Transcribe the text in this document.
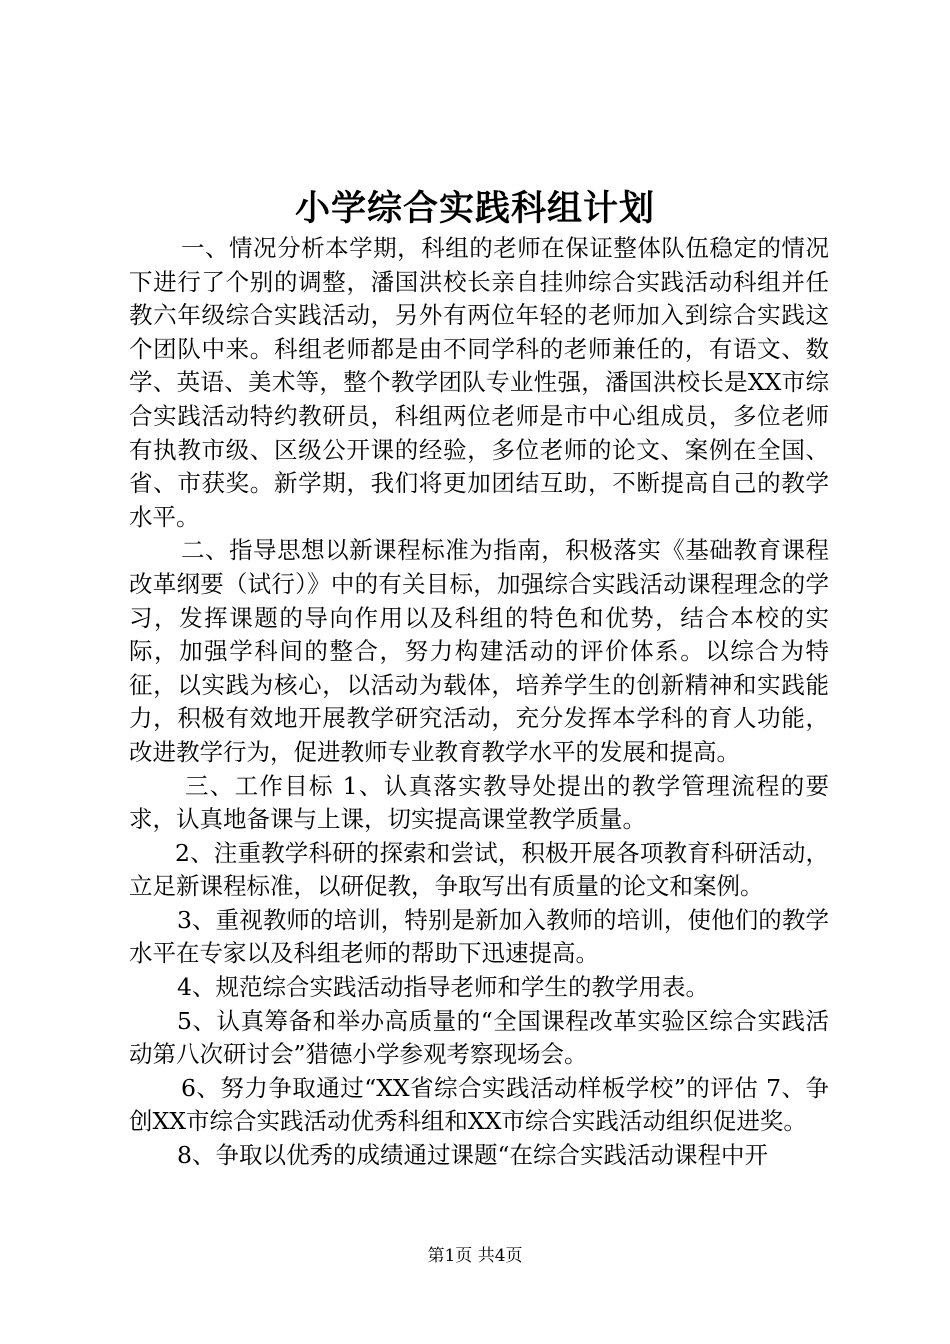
小学综合实践科组计划

一、情况分析本学期，科组的老师在保证整体队伍稳定的情况下进行了个别的调整，潘国洪校长亲自挂帅综合实践活动科组并任教六年级综合实践活动，另外有两位年轻的老师加入到综合实践这个团队中来。科组老师都是由不同学科的老师兼任的，有语文、数学、英语、美术等，整个教学团队专业性强，潘国洪校长是XX市综合实践活动特约教研员，科组两位老师是市中心组成员，多位老师有执教市级、区级公开课的经验，多位老师的论文、案例在全国、省、市获奖。新学期，我们将更加团结互助，不断提高自己的教学水平。

二、指导思想以新课程标准为指南，积极落实《基础教育课程改革纲要（试行）》中的有关目标，加强综合实践活动课程理念的学习，发挥课题的导向作用以及科组的特色和优势，结合本校的实际，加强学科间的整合，努力构建活动的评价体系。以综合为特征，以实践为核心，以活动为载体，培养学生的创新精神和实践能力，积极有效地开展教学研究活动，充分发挥本学科的育人功能，改进教学行为，促进教师专业教育教学水平的发展和提高。

三、工作目标 1、认真落实教导处提出的教学管理流程的要求，认真地备课与上课，切实提高课堂教学质量。

2、注重教学科研的探索和尝试，积极开展各项教育科研活动，立足新课程标准，以研促教，争取写出有质量的论文和案例。

3、重视教师的培训，特别是新加入教师的培训，使他们的教学水平在专家以及科组老师的帮助下迅速提高。

4、规范综合实践活动指导老师和学生的教学用表。

5、认真筹备和举办高质量的“全国课程改革实验区综合实践活动第八次研讨会”猎德小学参观考察现场会。

6、努力争取通过“XX省综合实践活动样板学校”的评估 7、争创XX市综合实践活动优秀科组和XX市综合实践活动组织促进奖。

8、争取以优秀的成绩通过课题“在综合实践活动课程中开

第1页 共4页
